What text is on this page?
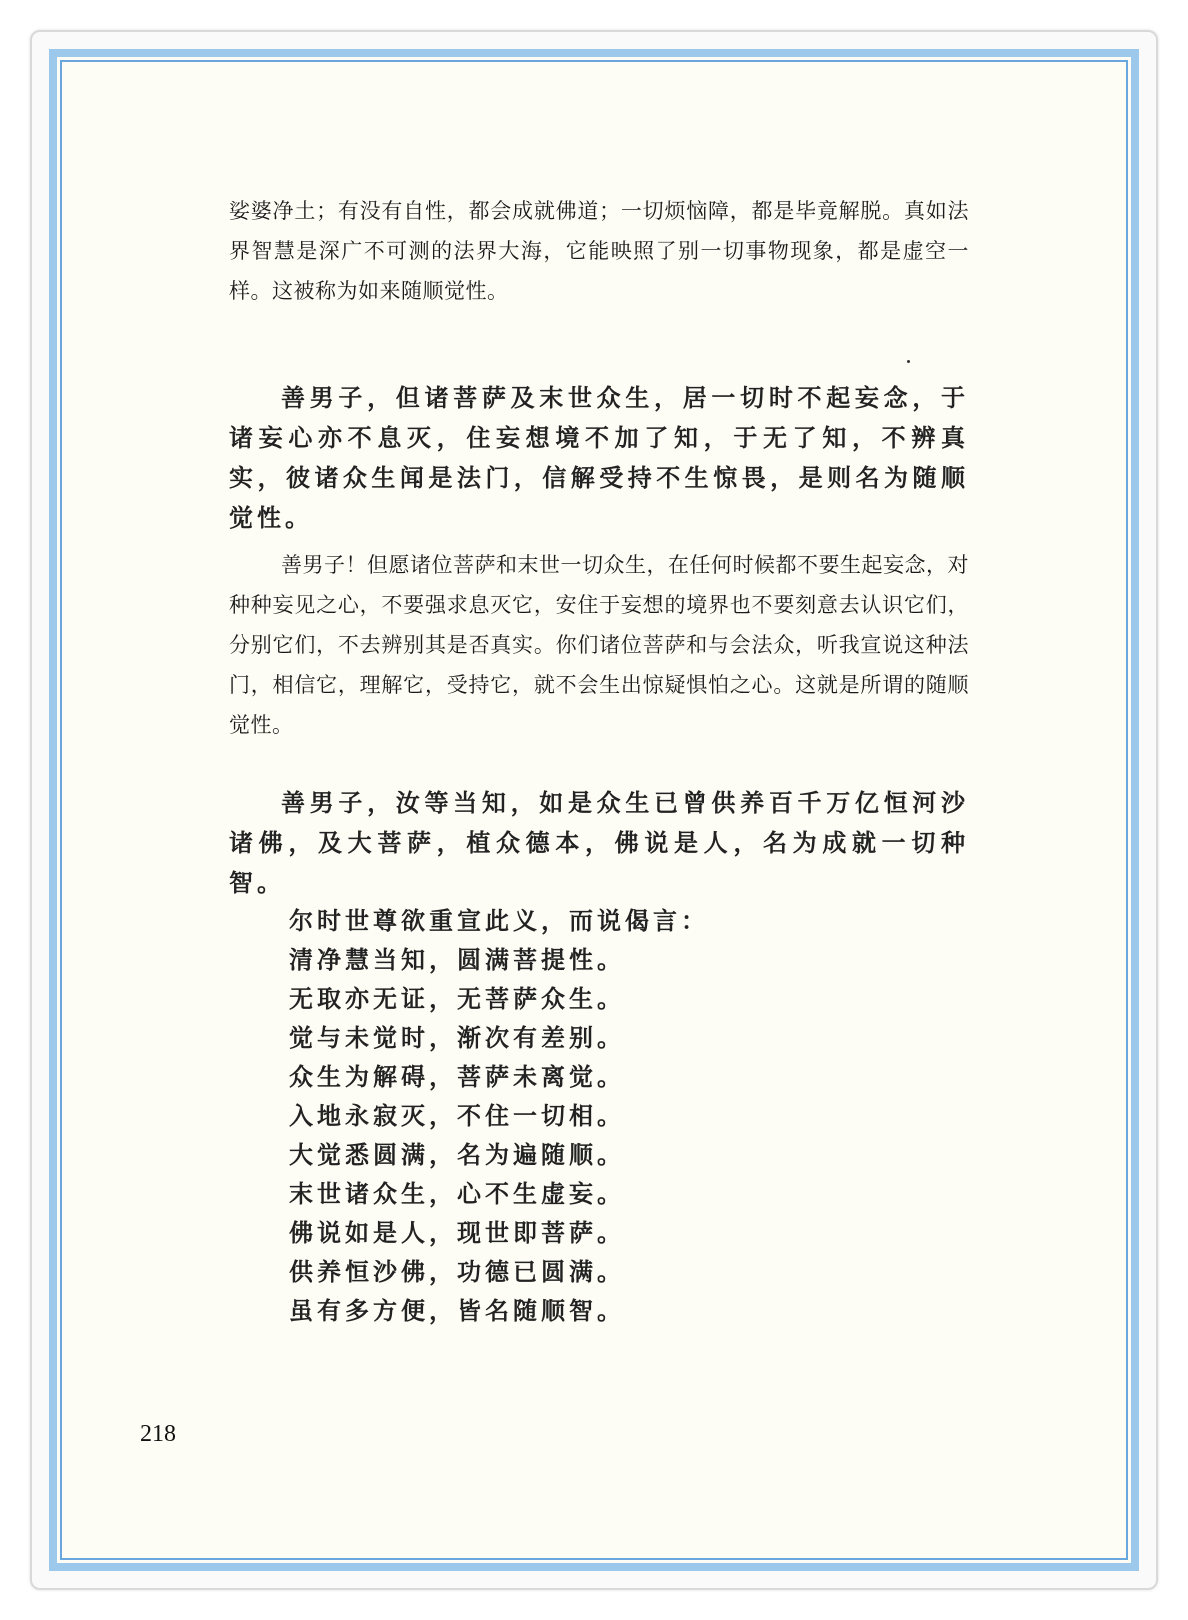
娑婆净土；有没有自性，都会成就佛道；一切烦恼障，都是毕竟解脱。真如法界智慧是深广不可测的法界大海，它能映照了别一切事物现象，都是虚空一样。这被称为如来随顺觉性。

善男子，但诸菩萨及末世众生，居一切时不起妄念，于诸妄心亦不息灭，住妄想境不加了知，于无了知，不辨真实，彼诸众生闻是法门，信解受持不生惊畏，是则名为随顺觉性。

善男子！但愿诸位菩萨和末世一切众生，在任何时候都不要生起妄念，对种种妄见之心，不要强求息灭它，安住于妄想的境界也不要刻意去认识它们，分别它们，不去辨别其是否真实。你们诸位菩萨和与会法众，听我宣说这种法门，相信它，理解它，受持它，就不会生出惊疑惧怕之心。这就是所谓的随顺觉性。

善男子，汝等当知，如是众生已曾供养百千万亿恒河沙诸佛，及大菩萨，植众德本，佛说是人，名为成就一切种智。

尔时世尊欲重宣此义，而说偈言：
清净慧当知，圆满菩提性。
无取亦无证，无菩萨众生。
觉与未觉时，渐次有差别。
众生为解碍，菩萨未离觉。
入地永寂灭，不住一切相。
大觉悉圆满，名为遍随顺。
末世诸众生，心不生虚妄。
佛说如是人，现世即菩萨。
供养恒沙佛，功德已圆满。
虽有多方便，皆名随顺智。
218
